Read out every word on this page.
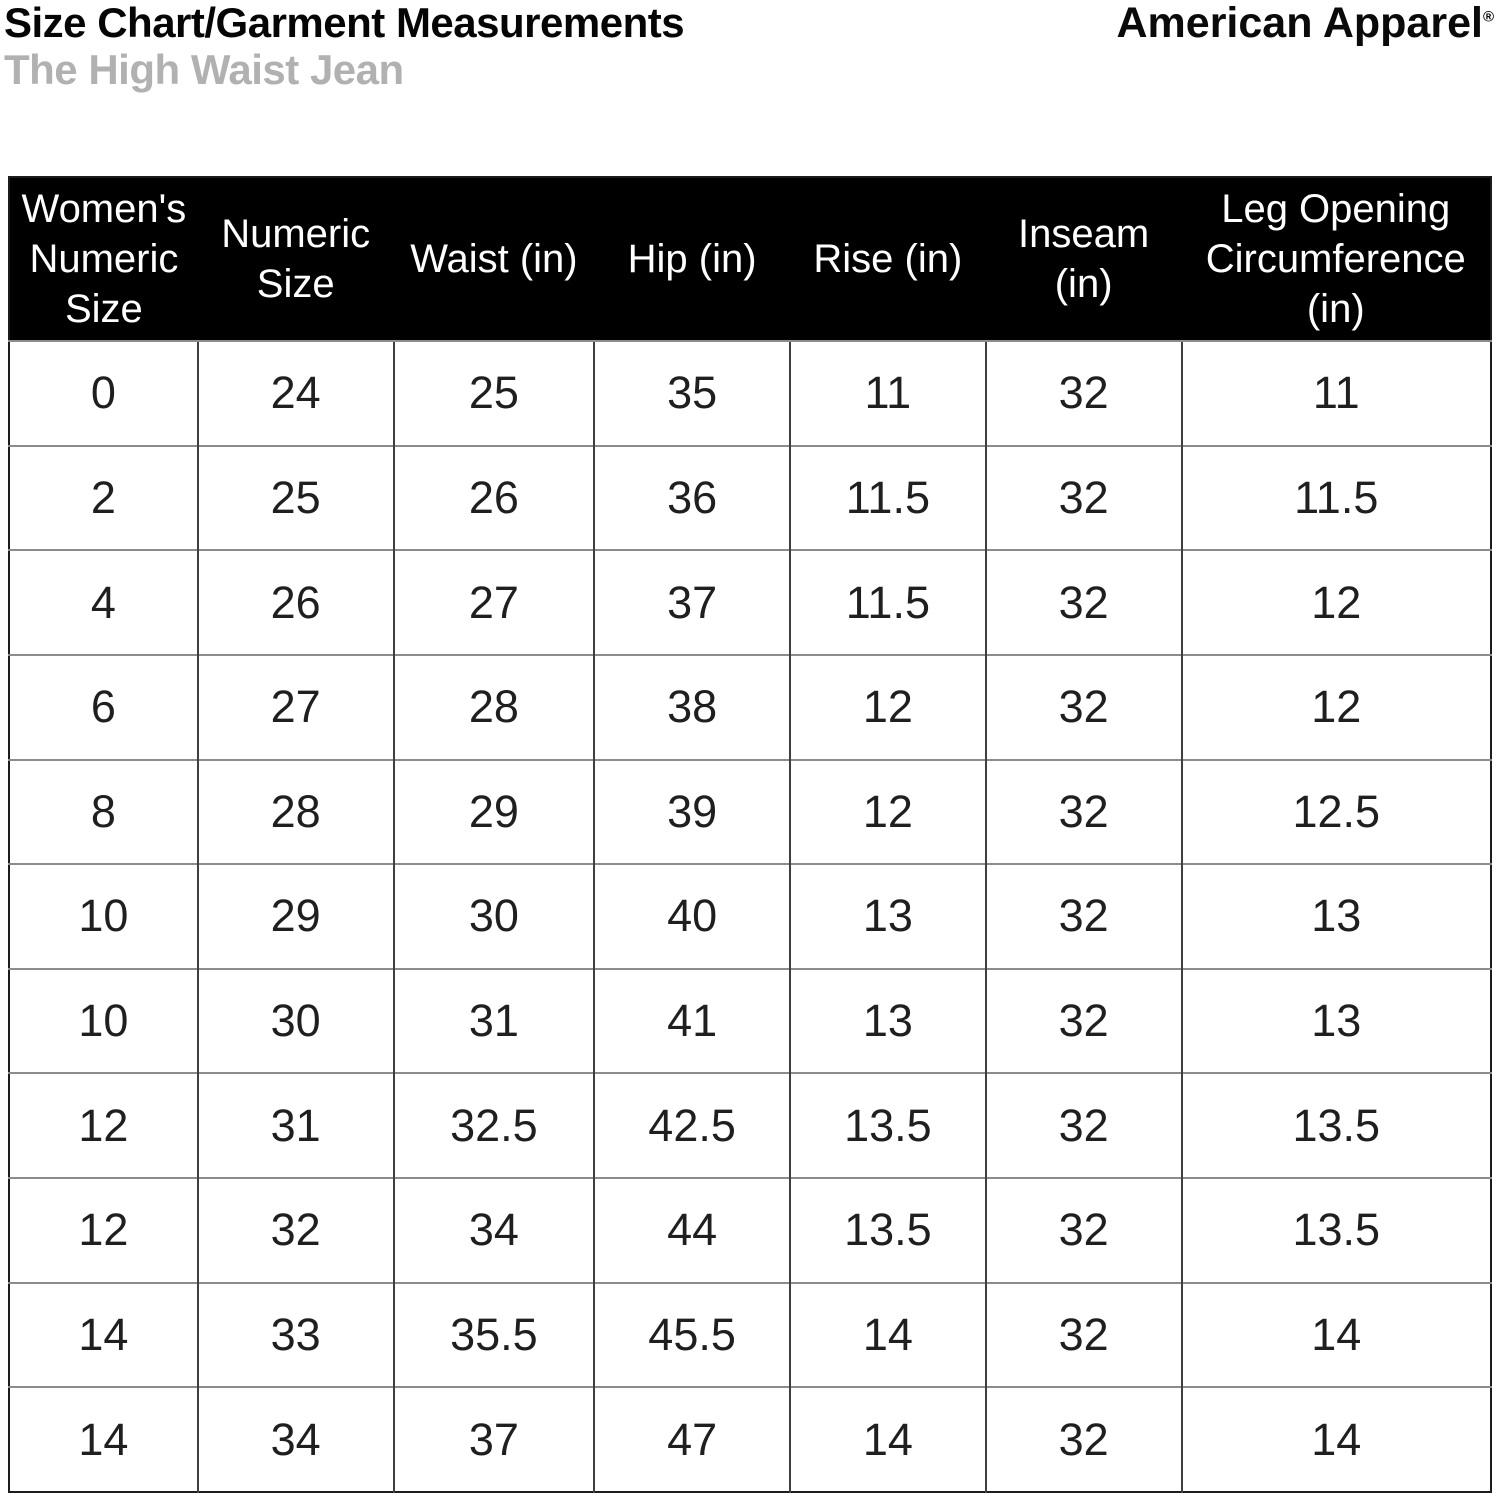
Size Chart/Garment Measurements
The High Waist Jean
American Apparel®
Women's Numeric Size	Numeric Size	Waist (in)	Hip (in)	Rise (in)	Inseam (in)	Leg Opening Circumference (in)
0	24	25	35	11	32	11
2	25	26	36	11.5	32	11.5
4	26	27	37	11.5	32	12
6	27	28	38	12	32	12
8	28	29	39	12	32	12.5
10	29	30	40	13	32	13
10	30	31	41	13	32	13
12	31	32.5	42.5	13.5	32	13.5
12	32	34	44	13.5	32	13.5
14	33	35.5	45.5	14	32	14
14	34	37	47	14	32	14
